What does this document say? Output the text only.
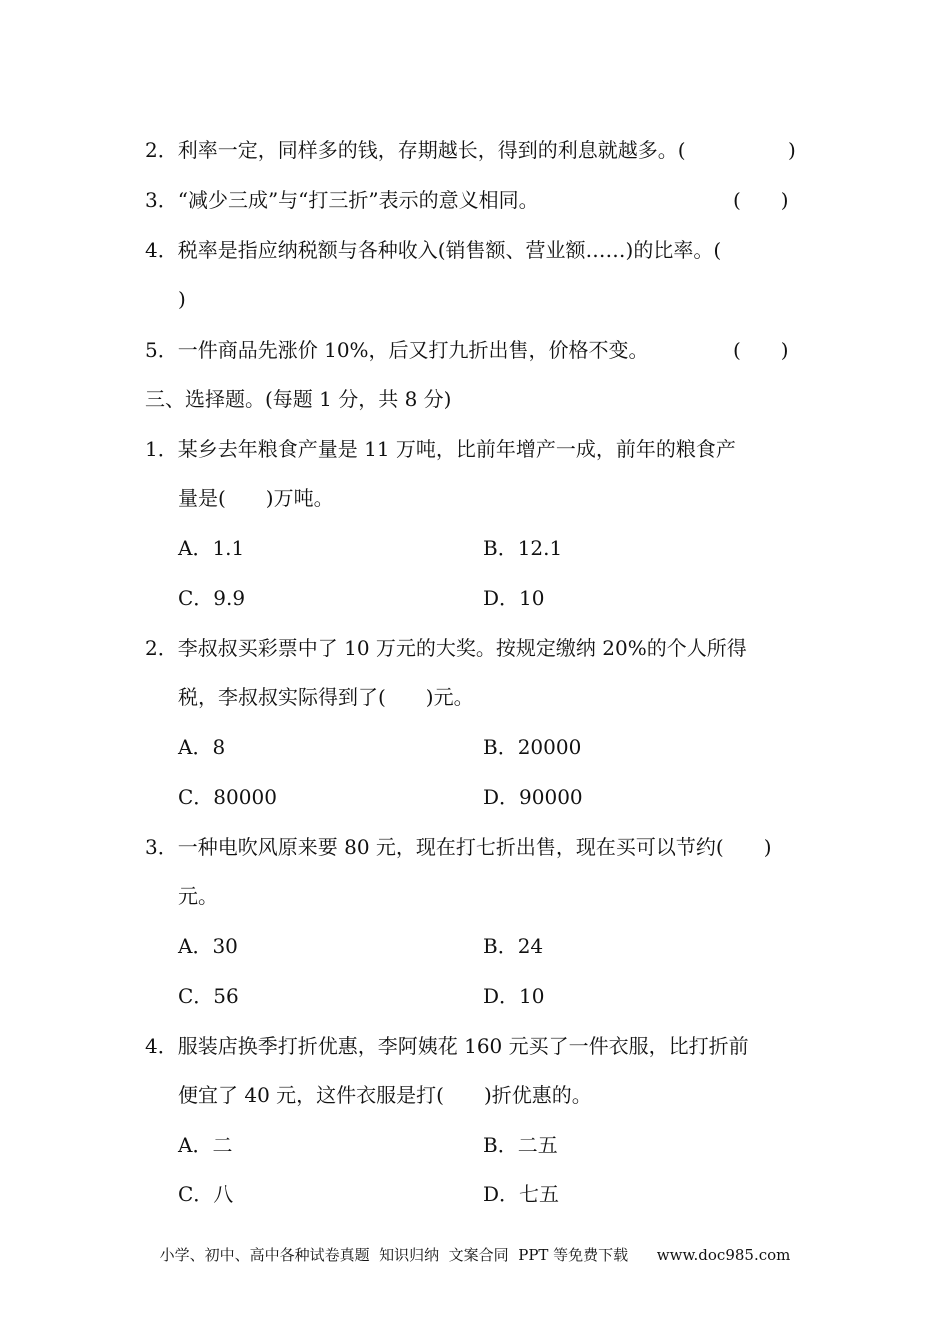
2．利率一定，同样多的钱，存期越长，得到的利息就越多。(	)
3．“减少三成”与“打三折”表示的意义相同。	(　　)
4．税率是指应纳税额与各种收入(销售额、营业额……)的比率。(
)
5．一件商品先涨价 10%，后又打九折出售，价格不变。	(　　)
三、选择题。(每题 1 分，共 8 分)
1．某乡去年粮食产量是 11 万吨，比前年增产一成，前年的粮食产
量是(　　)万吨。
A．1.1	B．12.1
C．9.9	D．10
2．李叔叔买彩票中了 10 万元的大奖。按规定缴纳 20%的个人所得
税，李叔叔实际得到了(　　)元。
A．8	B．20000
C．80000	D．90000
3．一种电吹风原来要 80 元，现在打七折出售，现在买可以节约(　　)
元。
A．30	B．24
C．56	D．10
4．服装店换季打折优惠，李阿姨花 160 元买了一件衣服，比打折前
便宜了 40 元，这件衣服是打(　　)折优惠的。
A．二	B．二五
C．八	D．七五
小学、初中、高中各种试卷真题  知识归纳  文案合同  PPT 等免费下载      www.doc985.com
